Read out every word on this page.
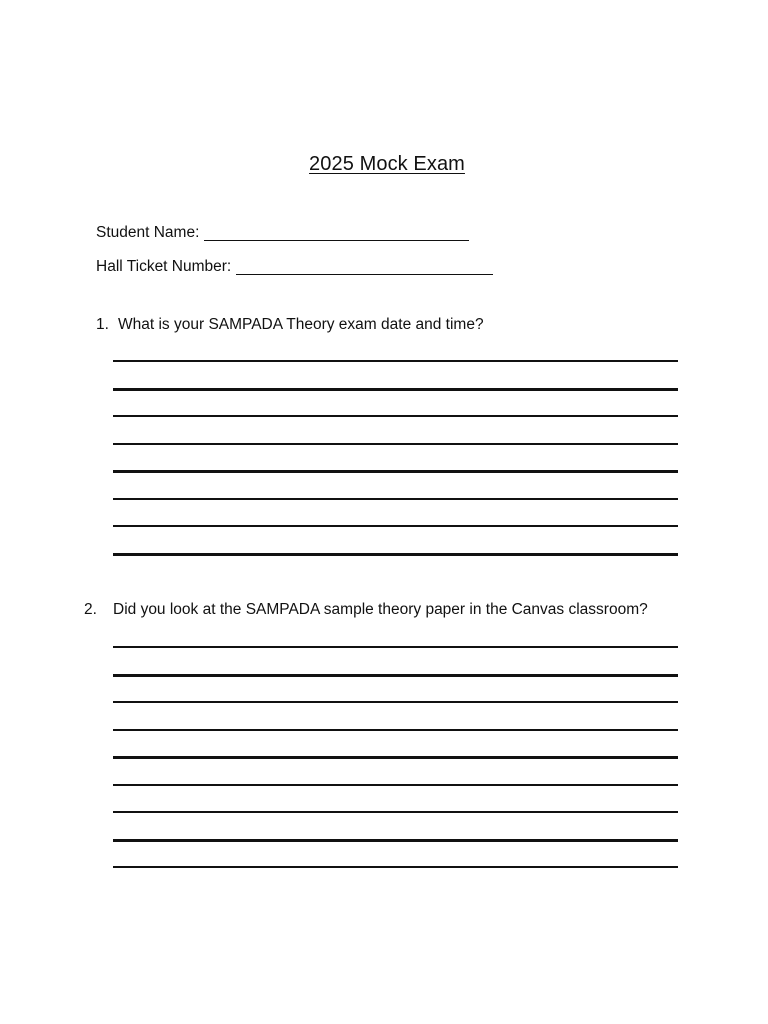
2025 Mock Exam
Student Name:
Hall Ticket Number:
1. What is your SAMPADA Theory exam date and time?
2.	Did you look at the SAMPADA sample theory paper in the Canvas classroom?
